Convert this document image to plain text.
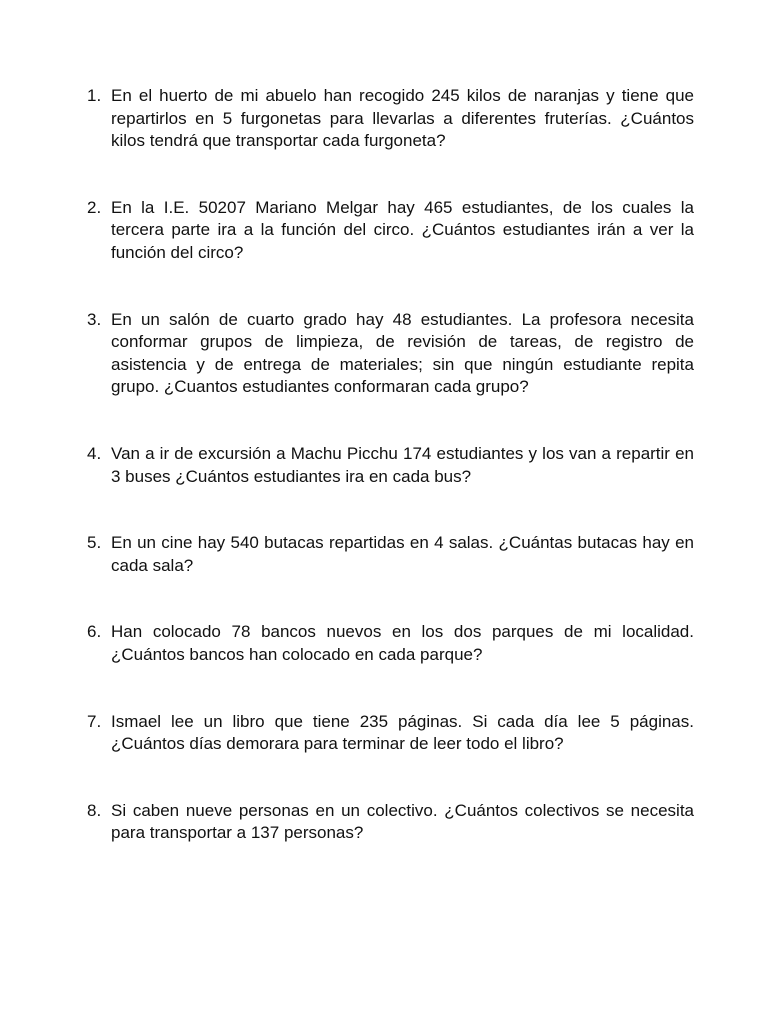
1. En el huerto de mi abuelo han recogido 245 kilos de naranjas y tiene que repartirlos en 5 furgonetas para llevarlas a diferentes fruterías. ¿Cuántos kilos tendrá que transportar cada furgoneta?
2. En la I.E. 50207 Mariano Melgar hay 465 estudiantes, de los cuales la tercera parte ira a la función del circo. ¿Cuántos estudiantes irán a ver la función del circo?
3. En un salón de cuarto grado hay 48 estudiantes. La profesora necesita conformar grupos de limpieza, de revisión de tareas, de registro de asistencia y de entrega de materiales; sin que ningún estudiante repita grupo. ¿Cuantos estudiantes conformaran cada grupo?
4. Van a ir de excursión a Machu Picchu 174 estudiantes y los van a repartir en 3 buses ¿Cuántos estudiantes ira en cada bus?
5. En un cine hay 540 butacas repartidas en 4 salas. ¿Cuántas butacas hay en cada sala?
6. Han colocado 78 bancos nuevos en los dos parques de mi localidad. ¿Cuántos bancos han colocado en cada parque?
7. Ismael lee un libro que tiene 235 páginas. Si cada día lee 5 páginas. ¿Cuántos días demorara para terminar de leer todo el libro?
8. Si caben nueve personas en un colectivo. ¿Cuántos colectivos se necesita para transportar a 137 personas?
